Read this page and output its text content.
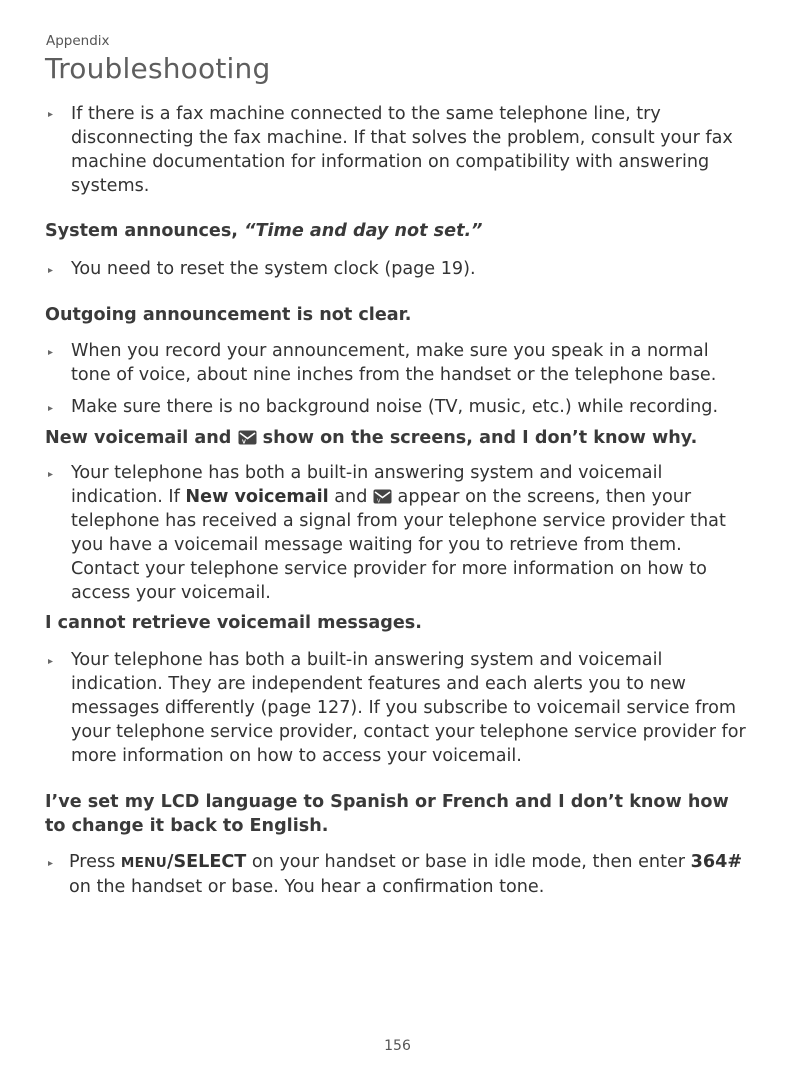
Appendix
Troubleshooting
If there is a fax machine connected to the same telephone line, try disconnecting the fax machine. If that solves the problem, consult your fax machine documentation for information on compatibility with answering systems.
System announces, “Time and day not set.”
You need to reset the system clock (page 19).
Outgoing announcement is not clear.
When you record your announcement, make sure you speak in a normal tone of voice, about nine inches from the handset or the telephone base.
Make sure there is no background noise (TV, music, etc.) while recording.
New voicemail and V show on the screens, and I don’t know why.
Your telephone has both a built-in answering system and voicemail indication. If New voicemail and V appear on the screens, then your telephone has received a signal from your telephone service provider that you have a voicemail message waiting for you to retrieve from them. Contact your telephone service provider for more information on how to access your voicemail.
I cannot retrieve voicemail messages.
Your telephone has both a built-in answering system and voicemail indication. They are independent features and each alerts you to new messages differently (page 127). If you subscribe to voicemail service from your telephone service provider, contact your telephone service provider for more information on how to access your voicemail.
I’ve set my LCD language to Spanish or French and I don’t know how to change it back to English.
Press MENU/SELECT on your handset or base in idle mode, then enter 364# on the handset or base. You hear a confirmation tone.
156
